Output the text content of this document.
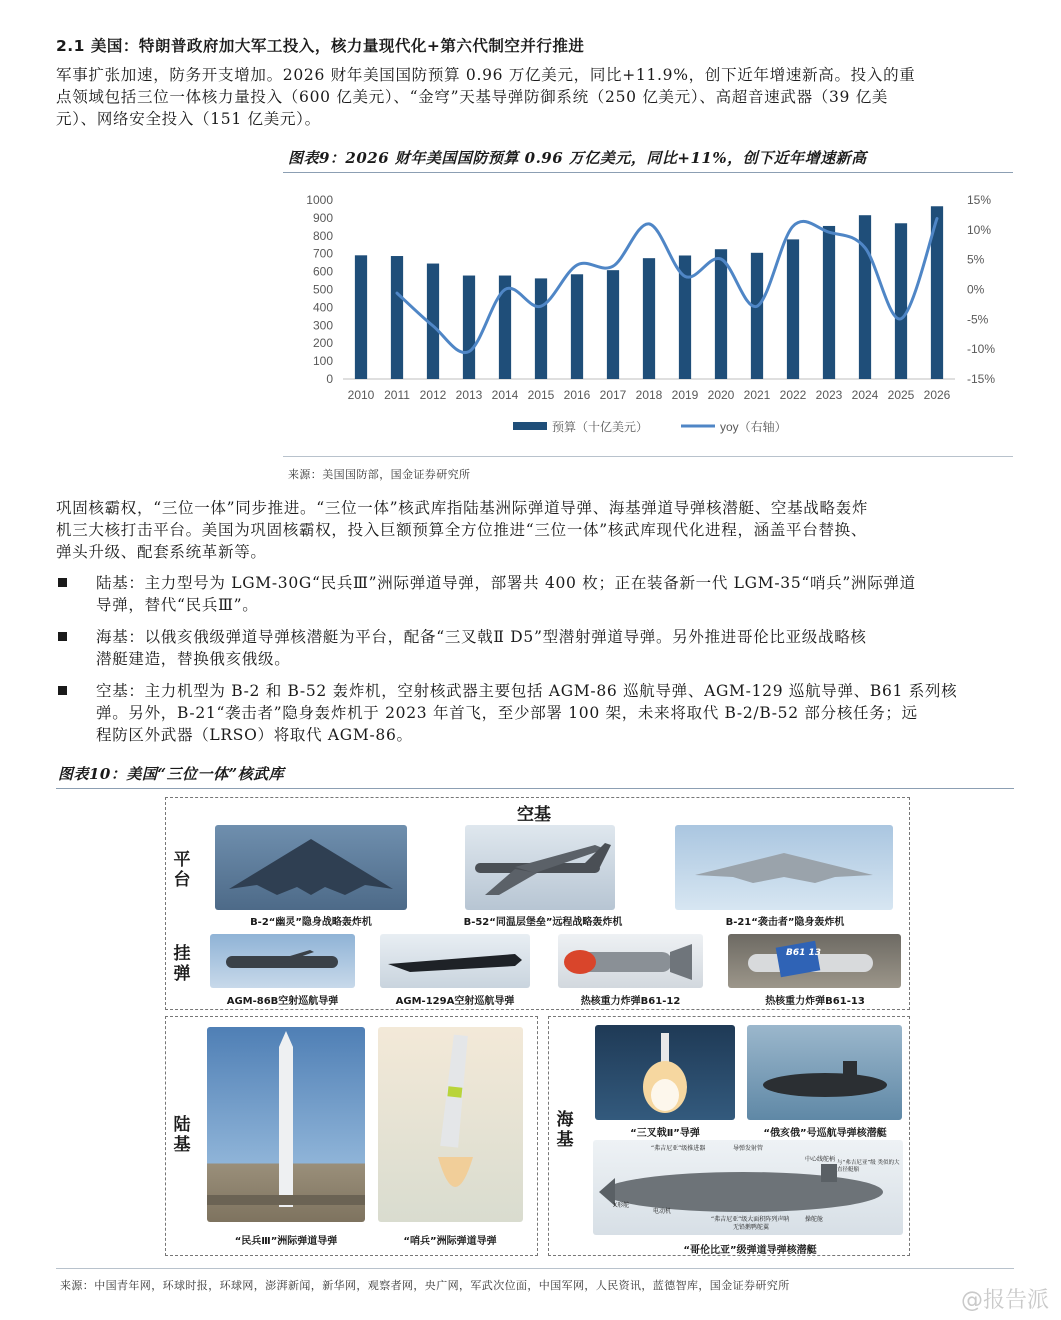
2.1 美国：特朗普政府加大军工投入，核力量现代化+第六代制空并行推进
军事扩张加速，防务开支增加。2026 财年美国国防预算 0.96 万亿美元，同比+11.9%，创下近年增速新高。投入的重
点领域包括三位一体核力量投入（600 亿美元）、“金穹”天基导弹防御系统（250 亿美元）、高超音速武器（39 亿美
元）、网络安全投入（151 亿美元）。
图表9：2026 财年美国国防预算 0.96 万亿美元，同比+11%，创下近年增速新高
1000
900
800
700
600
500
400
300
200
100
0
15%
10%
5%
0%
-5%
-10%
-15%
2010 2011 2012 2013 2014 2015 2016 2017 2018 2019 2020 2021 2022 2023 2024 2025 2026
预算（十亿美元）	yoy（右轴）
来源：美国国防部，国金证券研究所
巩固核霸权，“三位一体”同步推进。“三位一体”核武库指陆基洲际弹道导弹、海基弹道导弹核潜艇、空基战略轰炸
机三大核打击平台。美国为巩固核霸权，投入巨额预算全方位推进“三位一体”核武库现代化进程，涵盖平台替换、
弹头升级、配套系统革新等。
陆基：主力型号为 LGM-30G“民兵Ⅲ”洲际弹道导弹，部署共 400 枚；正在装备新一代 LGM-35“哨兵”洲际弹道
导弹，替代“民兵Ⅲ”。
海基：以俄亥俄级弹道导弹核潜艇为平台，配备“三叉戟Ⅱ D5”型潜射弹道导弹。另外推进哥伦比亚级战略核
潜艇建造，替换俄亥俄级。
空基：主力机型为 B-2 和 B-52 轰炸机，空射核武器主要包括 AGM-86 巡航导弹、AGM-129 巡航导弹、B61 系列核
弹。另外，B-21“袭击者”隐身轰炸机于 2023 年首飞，至少部署 100 架，未来将取代 B-2/B-52 部分核任务；远
程防区外武器（LRSO）将取代 AGM-86。
图表10：美国“三位一体”核武库
空基
平台
挂弹
B-2“幽灵”隐身战略轰炸机	B-52“同温层堡垒”远程战略轰炸机	B-21“袭击者”隐身轰炸机
AGM-86B空射巡航导弹	AGM-129A空射巡航导弹	热核重力炸弹B61-12
B61 13
热核重力炸弹B61-13
陆基
“民兵Ⅲ”洲际弹道导弹	“哨兵”洲际弹道导弹
海基	“三叉戟Ⅱ”导弹	“俄亥俄”号巡航导弹核潜艇
“弗吉尼亚”级推进器	导弹发射管
中心线舵柄
X形舵
电动机
与“弗吉尼亚”级 类似的大直径艇艏
“弗吉尼亚”级大面积阵列声呐
无铅鹅鸭舵翼
操舵舱
“哥伦比亚”级弹道导弹核潜艇
来源：中国青年网，环球时报，环球网，澎湃新闻，新华网，观察者网，央广网，军武次位面，中国军网，人民资讯，蓝德智库，国金证券研究所
@报告派
